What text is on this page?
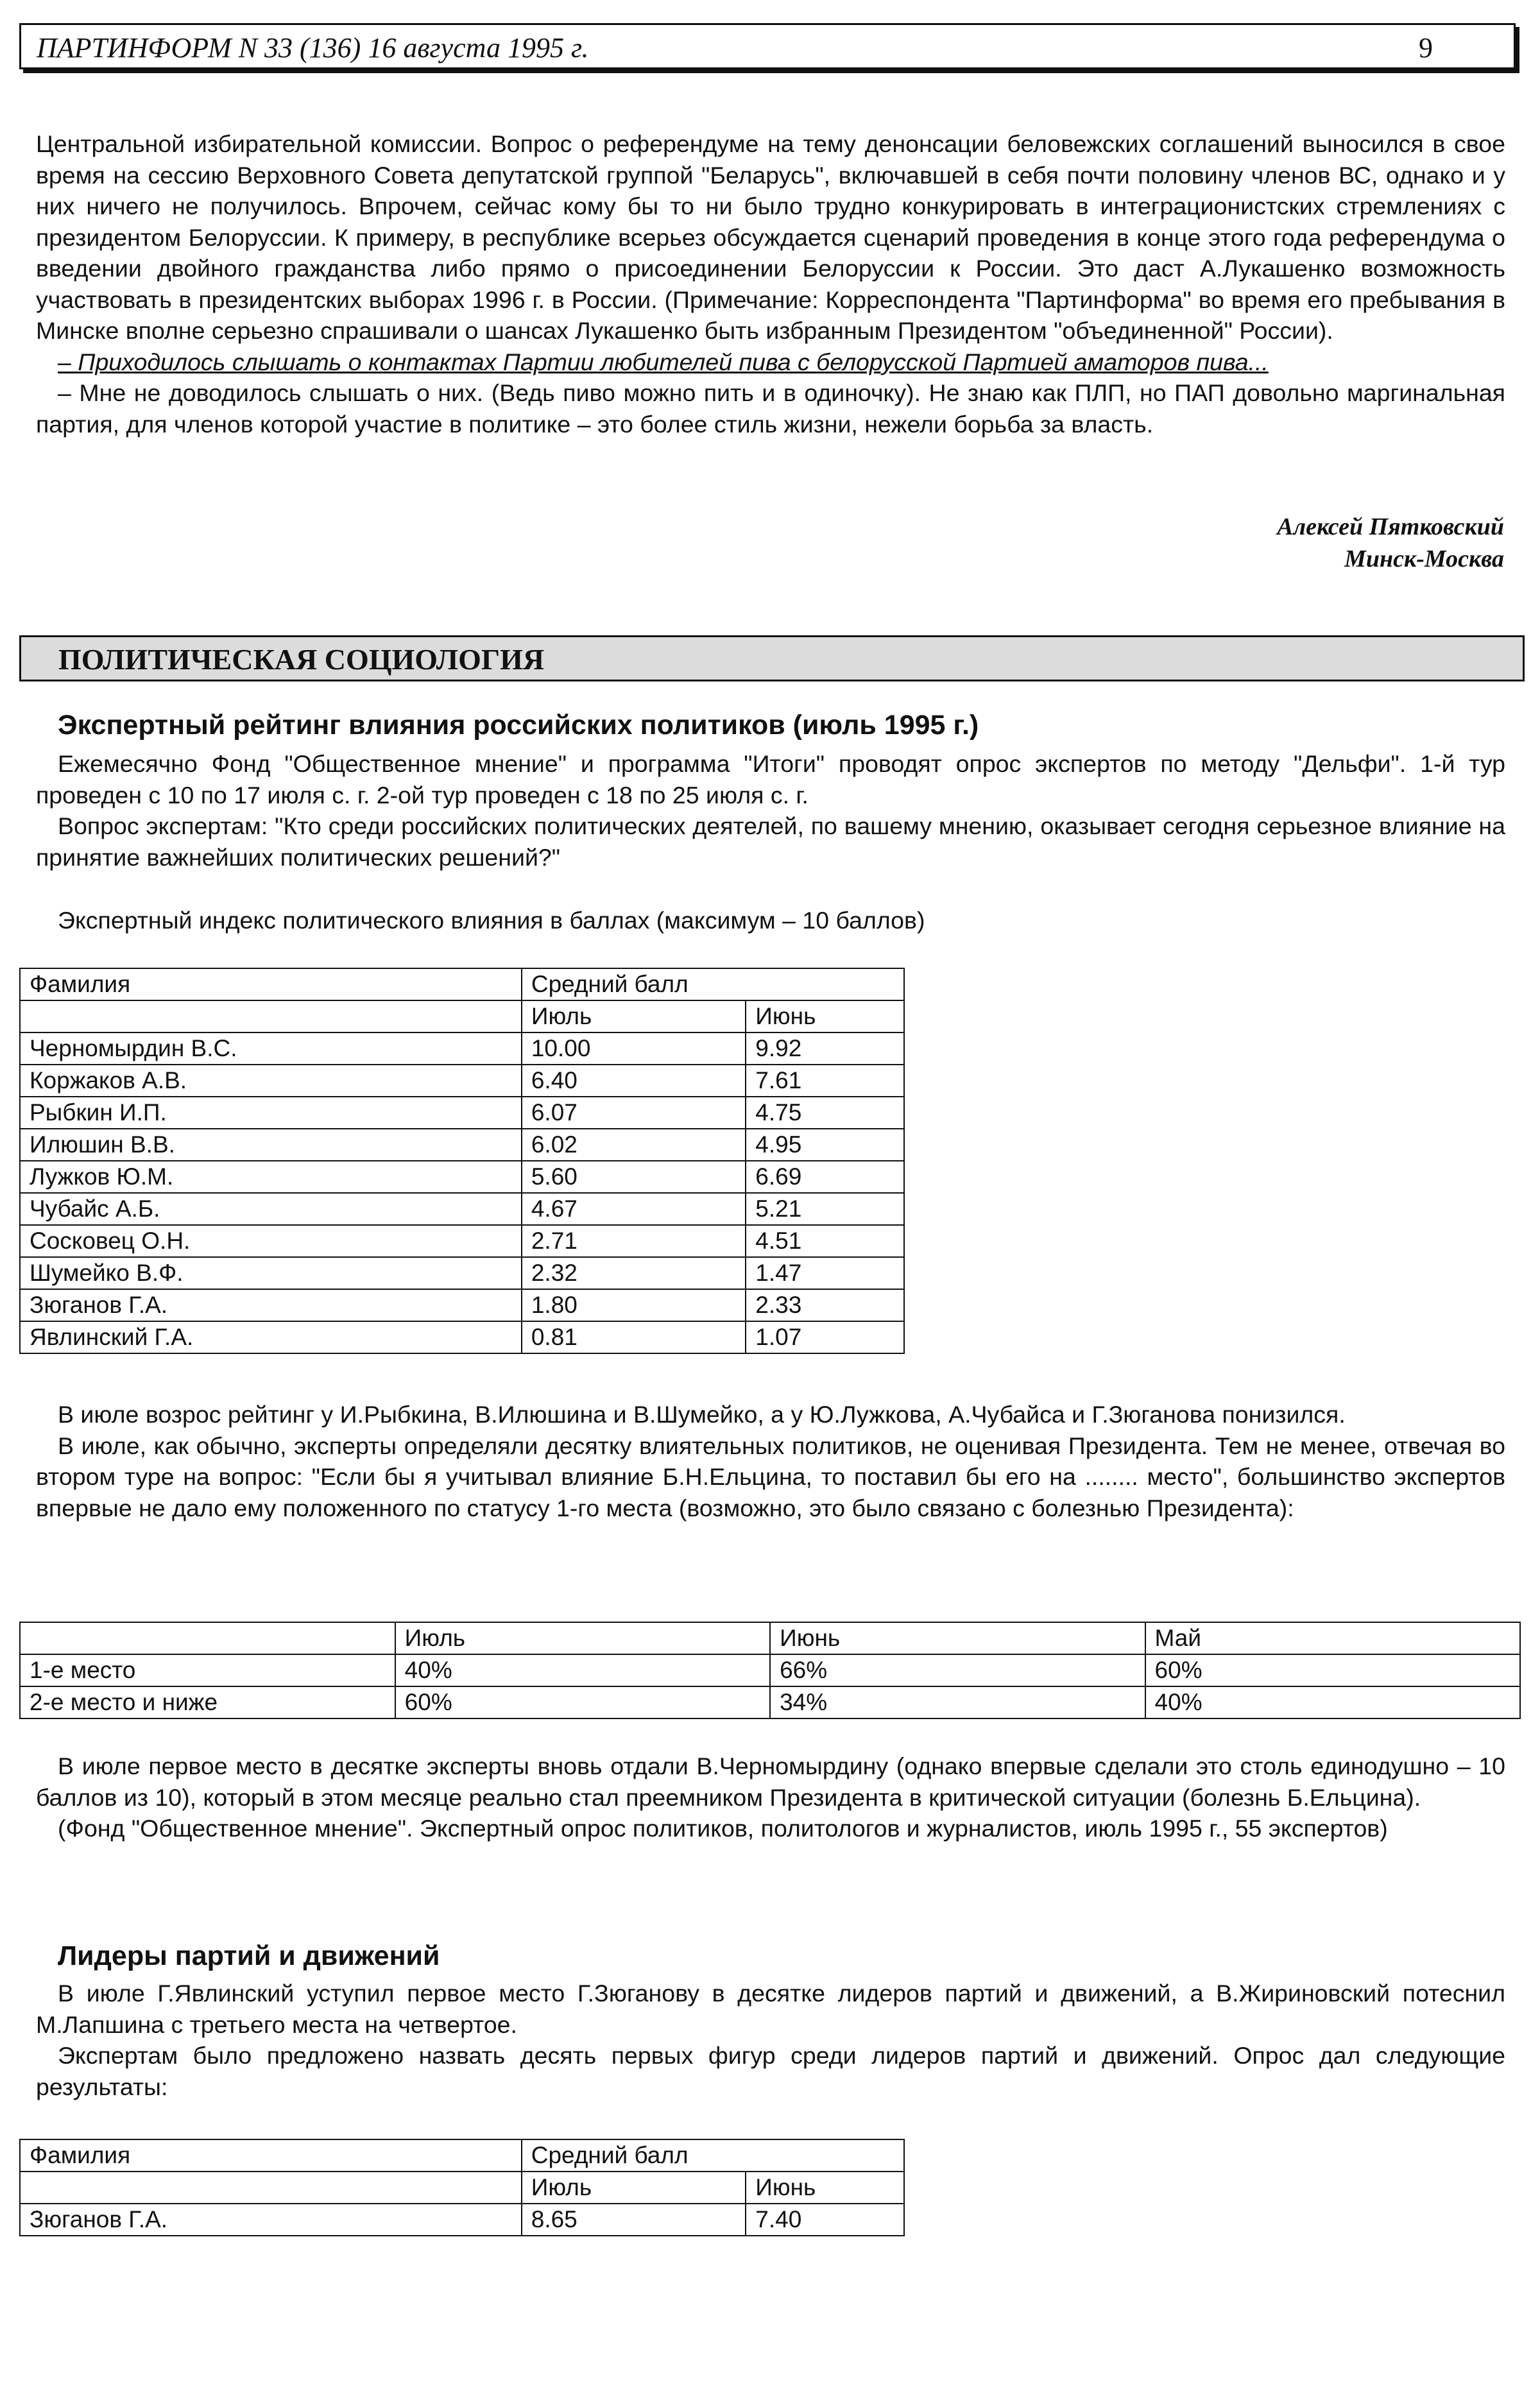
ПАРТИНФОРМ N 33 (136) 16 августа 1995 г.	9

Центральной избирательной комиссии. Вопрос о референдуме на тему денонсации беловежских соглашений выносился в свое время на сессию Верховного Совета депутатской группой "Беларусь", включавшей в себя почти половину членов ВС, однако и у них ничего не получилось. Впрочем, сейчас кому бы то ни было трудно конкурировать в интеграционистских стремлениях с президентом Белоруссии. К примеру, в республике всерьез обсуждается сценарий проведения в конце этого года референдума о введении двойного гражданства либо прямо о присоединении Белоруссии к России. Это даст А.Лукашенко возможность участвовать в президентских выборах 1996 г. в России. (Примечание: Корреспондента "Партинформа" во время его пребывания в Минске вполне серьезно спрашивали о шансах Лукашенко быть избранным Президентом "объединенной" России).

– Приходилось слышать о контактах Партии любителей пива с белорусской Партией аматоров пива...

– Мне не доводилось слышать о них. (Ведь пиво можно пить и в одиночку). Не знаю как ПЛП, но ПАП довольно маргинальная партия, для членов которой участие в политике – это более стиль жизни, нежели борьба за власть.

Алексей Пятковский
Минск-Москва
ПОЛИТИЧЕСКАЯ СОЦИОЛОГИЯ
Экспертный рейтинг влияния российских политиков (июль 1995 г.)

Ежемесячно Фонд "Общественное мнение" и программа "Итоги" проводят опрос экспертов по методу "Дельфи". 1-й тур проведен с 10 по 17 июля с. г. 2-ой тур проведен с 18 по 25 июля с. г.

Вопрос экспертам: "Кто среди российских политических деятелей, по вашему мнению, оказывает сегодня серьезное влияние на принятие важнейших политических решений?"

Экспертный индекс политического влияния в баллах (максимум – 10 баллов)

Фамилия	Средний балл	
	Июль	Июнь
Черномырдин В.С.	10.00	9.92
Коржаков А.В.	6.40	7.61
Рыбкин И.П.	6.07	4.75
Илюшин В.В.	6.02	4.95
Лужков Ю.М.	5.60	6.69
Чубайс А.Б.	4.67	5.21
Сосковец О.Н.	2.71	4.51
Шумейко В.Ф.	2.32	1.47
Зюганов Г.А.	1.80	2.33
Явлинский Г.А.	0.81	1.07

В июле возрос рейтинг у И.Рыбкина, В.Илюшина и В.Шумейко, а у Ю.Лужкова, А.Чубайса и Г.Зюганова понизился.

В июле, как обычно, эксперты определяли десятку влиятельных политиков, не оценивая Президента. Тем не менее, отвечая во втором туре на вопрос: "Если бы я учитывал влияние Б.Н.Ельцина, то поставил бы его на ........ место", большинство экспертов впервые не дало ему положенного по статусу 1-го места (возможно, это было связано с болезнью Президента):

	Июль	Июнь	Май
1-е место	40%	66%	60%
2-е место и ниже	60%	34%	40%

В июле первое место в десятке эксперты вновь отдали В.Черномырдину (однако впервые сделали это столь единодушно – 10 баллов из 10), который в этом месяце реально стал преемником Президента в критической ситуации (болезнь Б.Ельцина).

(Фонд "Общественное мнение". Экспертный опрос политиков, политологов и журналистов, июль 1995 г., 55 экспертов)

Лидеры партий и движений

В июле Г.Явлинский уступил первое место Г.Зюганову в десятке лидеров партий и движений, а В.Жириновский потеснил М.Лапшина с третьего места на четвертое.

Экспертам было предложено назвать десять первых фигур среди лидеров партий и движений. Опрос дал следующие результаты:

Фамилия	Средний балл	
	Июль	Июнь
Зюганов Г.А.	8.65	7.40
